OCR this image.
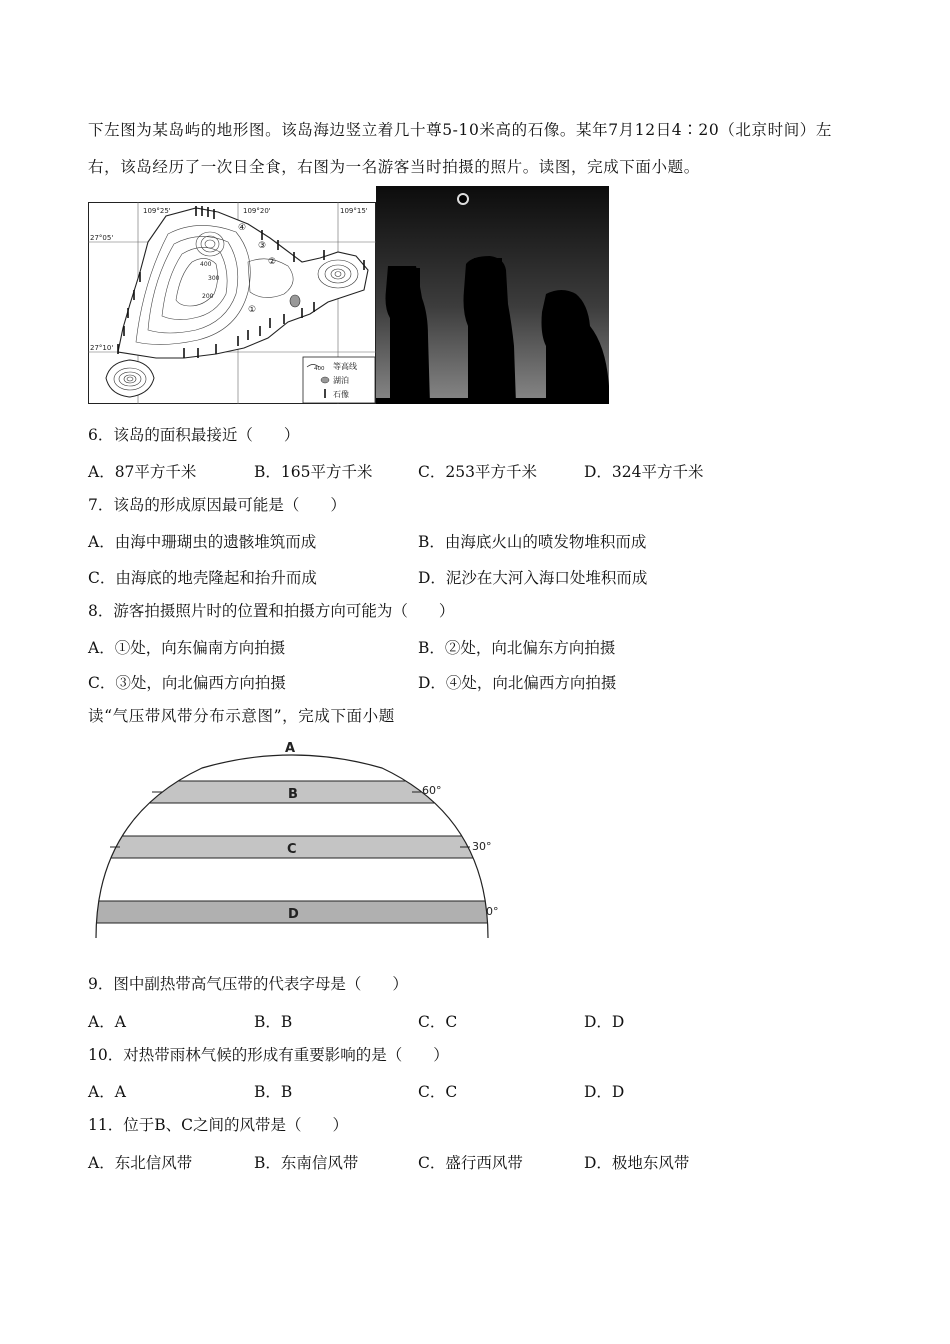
下左图为某岛屿的地形图。该岛海边竖立着几十尊5-10米高的石像。某年7月12日4∶20（北京时间）左
右，该岛经历了一次日全食，右图为一名游客当时拍摄的照片。读图，完成下面小题。
109°25'	109°20'	109°15'
27°05'
27°10'
400
300
200
④
③
②
①
400 等高线
湖泊
石像
6．该岛的面积最接近（　　）
A．87平方千米	B．165平方千米	C．253平方千米	D．324平方千米
7．该岛的形成原因最可能是（　　）
A．由海中珊瑚虫的遗骸堆筑而成	B．由海底火山的喷发物堆积而成
C．由海底的地壳隆起和抬升而成	D．泥沙在大河入海口处堆积而成
8．游客拍摄照片时的位置和拍摄方向可能为（　　）
A．①处，向东偏南方向拍摄	B．②处，向北偏东方向拍摄
C．③处，向北偏西方向拍摄	D．④处，向北偏西方向拍摄
读“气压带风带分布示意图”，完成下面小题
A
B
C
D
60°
30°
0°
9．图中副热带高气压带的代表字母是（　　）
A．A	B．B	C．C	D．D
10．对热带雨林气候的形成有重要影响的是（　　）
A．A	B．B	C．C	D．D
11．位于B、C之间的风带是（　　）
A．东北信风带	B．东南信风带	C．盛行西风带	D．极地东风带
